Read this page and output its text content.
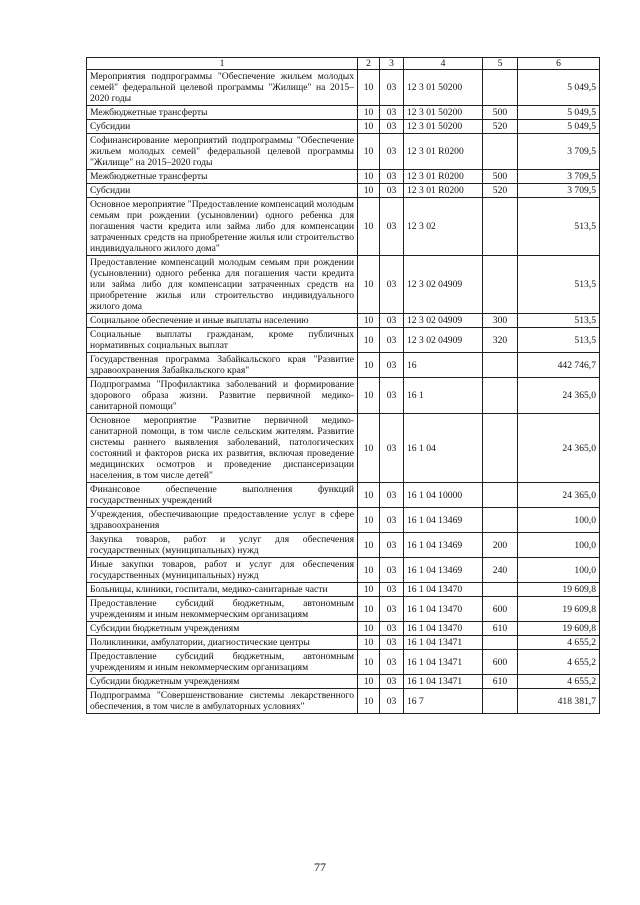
1	2	3	4	5	6
Мероприятия подпрограммы "Обеспечение жильем молодых семей" федеральной целевой программы "Жилище" на 2015–2020 годы	10	03	12 3 01 50200		5 049,5
Межбюджетные трансферты	10	03	12 3 01 50200	500	5 049,5
Субсидии	10	03	12 3 01 50200	520	5 049,5
Софинансирование мероприятий подпрограммы "Обеспечение жильем молодых семей" федеральной целевой программы "Жилище" на 2015–2020 годы	10	03	12 3 01 R0200		3 709,5
Межбюджетные трансферты	10	03	12 3 01 R0200	500	3 709,5
Субсидии	10	03	12 3 01 R0200	520	3 709,5
Основное мероприятие "Предоставление компенсаций молодым семьям при рождении (усыновлении) одного ребенка для погашения части кредита или займа либо для компенсации затраченных средств на приобретение жилья или строительство индивидуального жилого дома"	10	03	12 3 02		513,5
Предоставление компенсаций молодым семьям при рождении (усыновлении) одного ребенка для погашения части кредита или займа либо для компенсации затраченных средств на приобретение жилья или строительство индивидуального жилого дома	10	03	12 3 02 04909		513,5
Социальное обеспечение и иные выплаты населению	10	03	12 3 02 04909	300	513,5
Социальные выплаты гражданам, кроме публичных нормативных социальных выплат	10	03	12 3 02 04909	320	513,5
Государственная программа Забайкальского края "Развитие здравоохранения Забайкальского края"	10	03	16		442 746,7
Подпрограмма "Профилактика заболеваний и формирование здорового образа жизни. Развитие первичной медико-санитарной помощи"	10	03	16 1		24 365,0
Основное мероприятие "Развитие первичной медико-санитарной помощи, в том числе сельским жителям. Развитие системы раннего выявления заболеваний, патологических состояний и факторов риска их развития, включая проведение медицинских осмотров и проведение диспансеризации населения, в том числе детей"	10	03	16 1 04		24 365,0
Финансовое обеспечение выполнения функций государственных учреждений	10	03	16 1 04 10000		24 365,0
Учреждения, обеспечивающие предоставление услуг в сфере здравоохранения	10	03	16 1 04 13469		100,0
Закупка товаров, работ и услуг для обеспечения государственных (муниципальных) нужд	10	03	16 1 04 13469	200	100,0
Иные закупки товаров, работ и услуг для обеспечения государственных (муниципальных) нужд	10	03	16 1 04 13469	240	100,0
Больницы, клиники, госпитали, медико-санитарные части	10	03	16 1 04 13470		19 609,8
Предоставление субсидий бюджетным, автономным учреждениям и иным некоммерческим организациям	10	03	16 1 04 13470	600	19 609,8
Субсидии бюджетным учреждениям	10	03	16 1 04 13470	610	19 609,8
Поликлиники, амбулатории, диагностические центры	10	03	16 1 04 13471		4 655,2
Предоставление субсидий бюджетным, автономным учреждениям и иным некоммерческим организациям	10	03	16 1 04 13471	600	4 655,2
Субсидии бюджетным учреждениям	10	03	16 1 04 13471	610	4 655,2
Подпрограмма "Совершенствование системы лекарственного обеспечения, в том числе в амбулаторных условиях"	10	03	16 7		418 381,7
77
